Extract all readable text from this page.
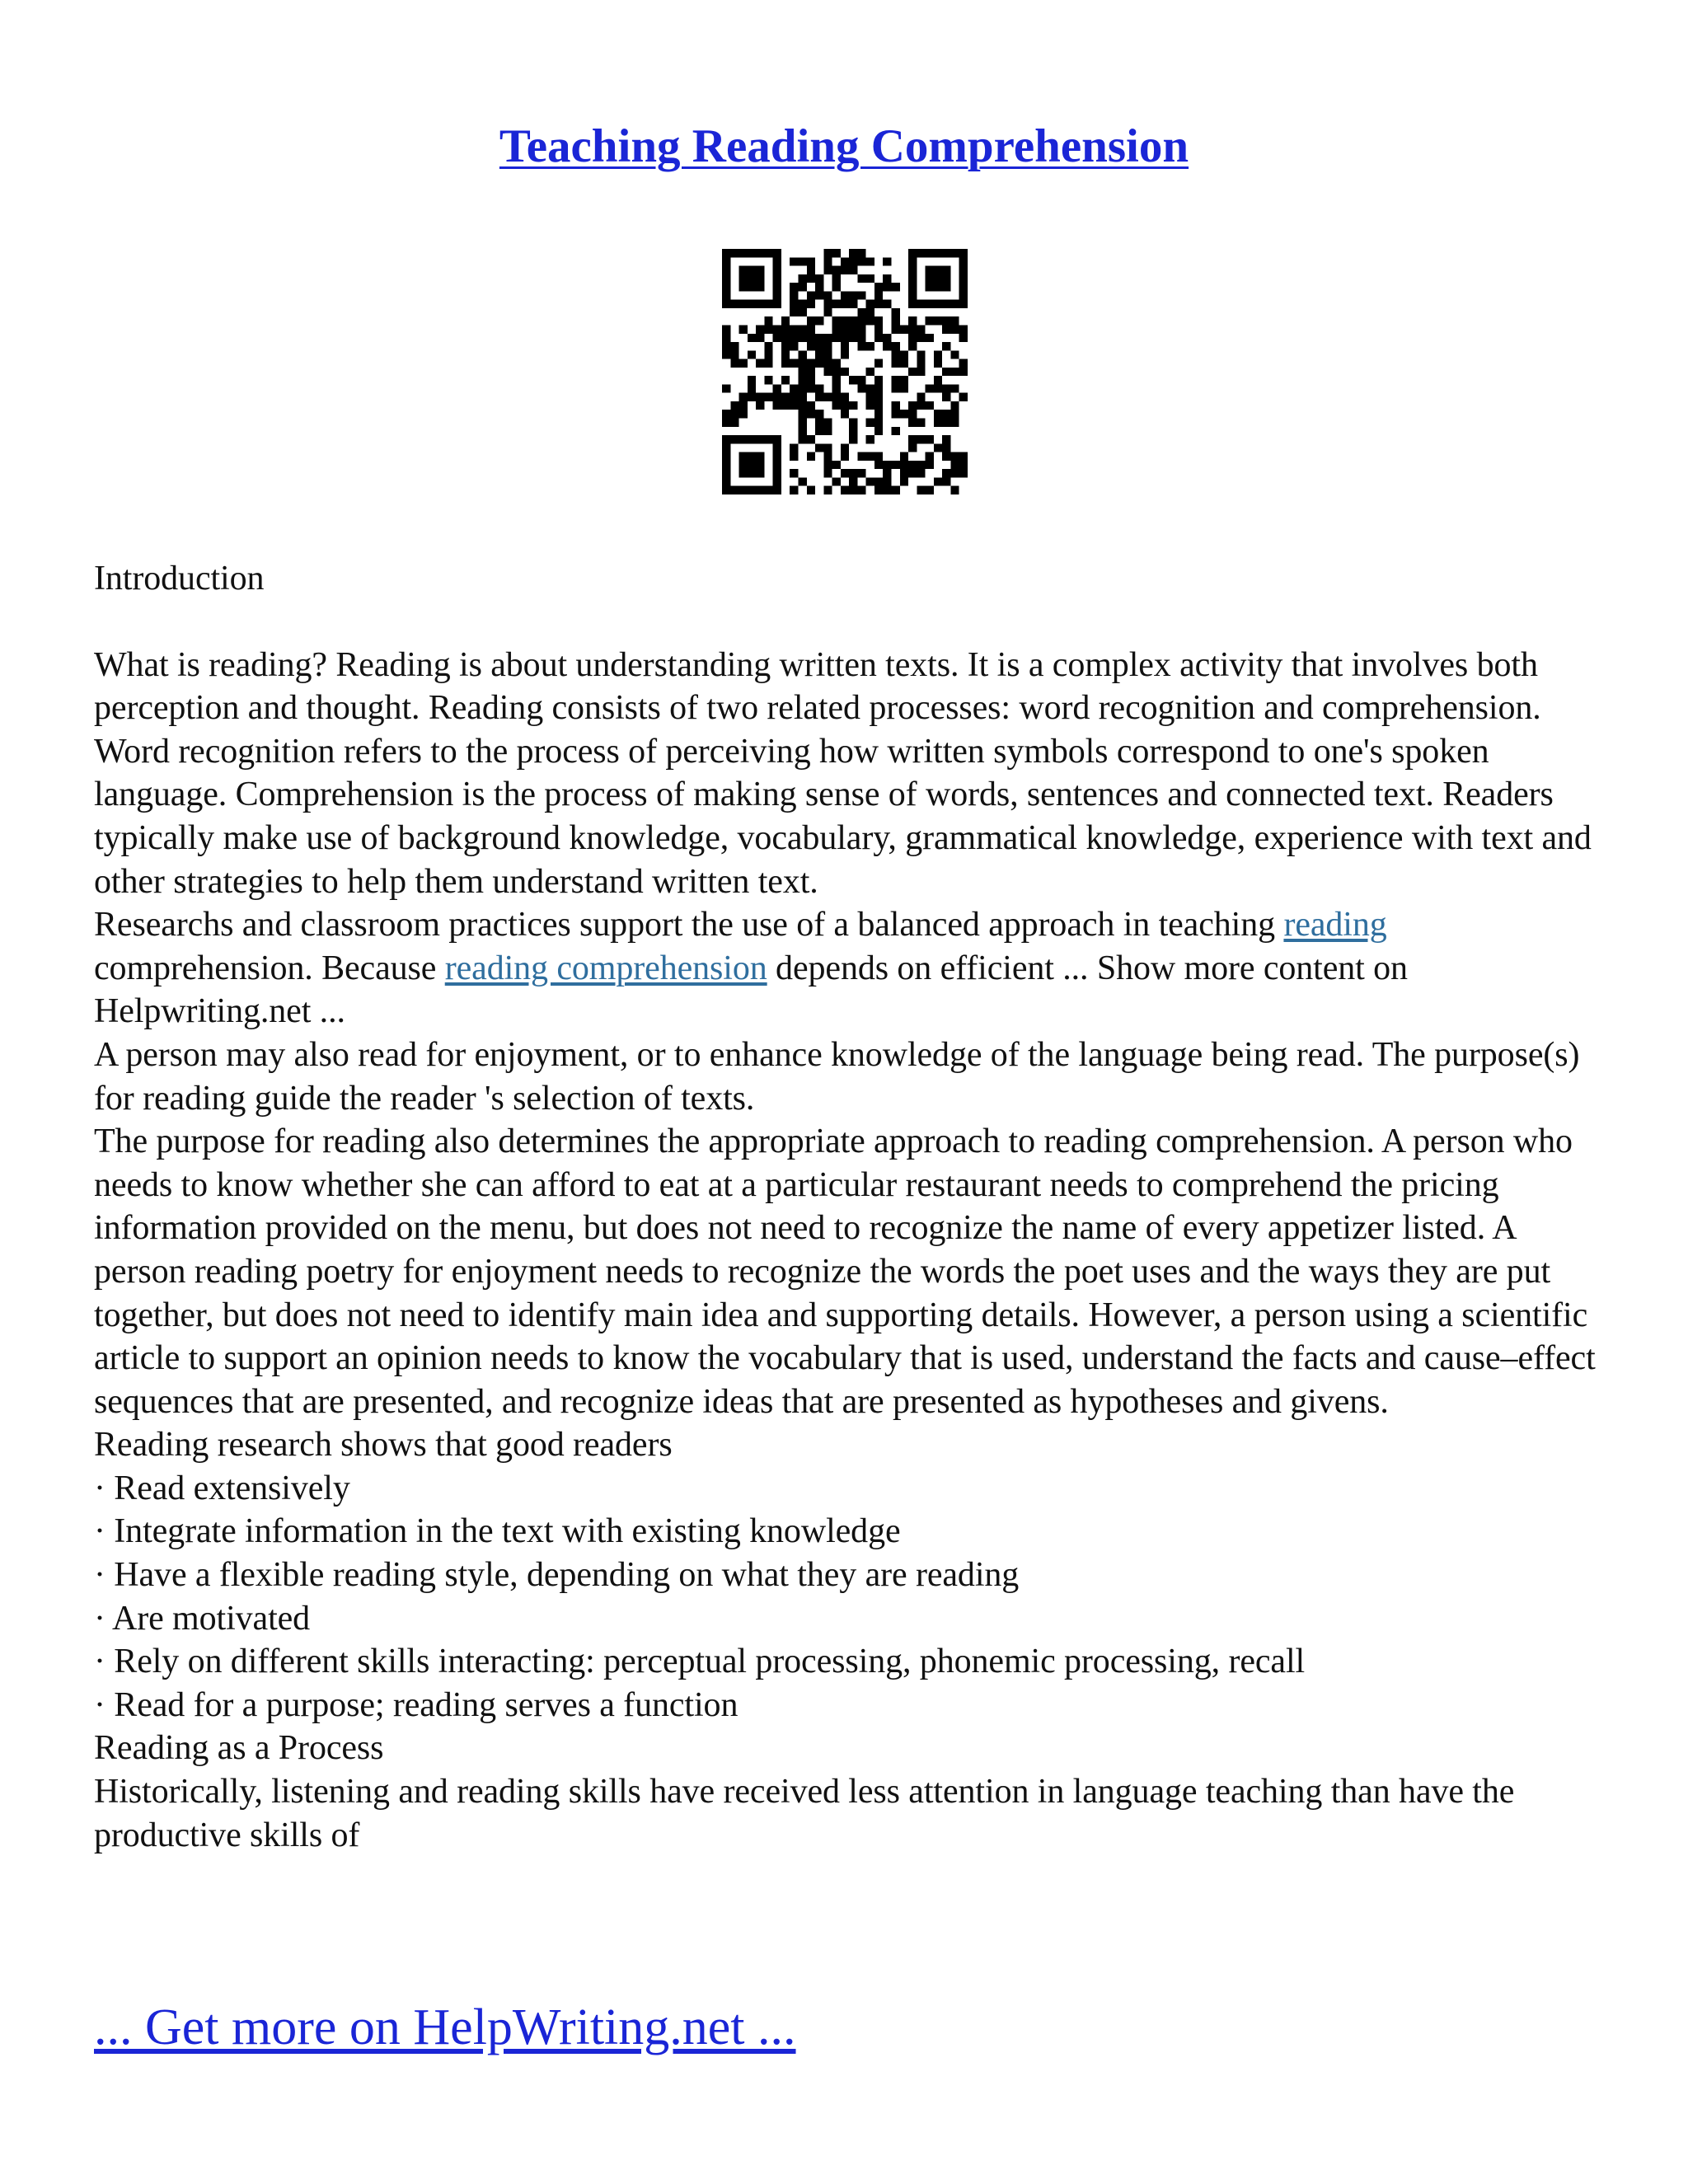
Teaching Reading Comprehension

Introduction

What is reading? Reading is about understanding written texts. It is a complex activity that involves both perception and thought. Reading consists of two related processes: word recognition and comprehension. Word recognition refers to the process of perceiving how written symbols correspond to one's spoken language. Comprehension is the process of making sense of words, sentences and connected text. Readers typically make use of background knowledge, vocabulary, grammatical knowledge, experience with text and other strategies to help them understand written text.

Researchs and classroom practices support the use of a balanced approach in teaching reading comprehension. Because reading comprehension depends on efficient ... Show more content on Helpwriting.net ...

A person may also read for enjoyment, or to enhance knowledge of the language being read. The purpose(s) for reading guide the reader 's selection of texts.

The purpose for reading also determines the appropriate approach to reading comprehension. A person who needs to know whether she can afford to eat at a particular restaurant needs to comprehend the pricing information provided on the menu, but does not need to recognize the name of every appetizer listed. A person reading poetry for enjoyment needs to recognize the words the poet uses and the ways they are put together, but does not need to identify main idea and supporting details. However, a person using a scientific article to support an opinion needs to know the vocabulary that is used, understand the facts and cause–effect sequences that are presented, and recognize ideas that are presented as hypotheses and givens.

Reading research shows that good readers

· Read extensively

· Integrate information in the text with existing knowledge

· Have a flexible reading style, depending on what they are reading

· Are motivated

· Rely on different skills interacting: perceptual processing, phonemic processing, recall

· Read for a purpose; reading serves a function

Reading as a Process

Historically, listening and reading skills have received less attention in language teaching than have the productive skills of

... Get more on HelpWriting.net ...
